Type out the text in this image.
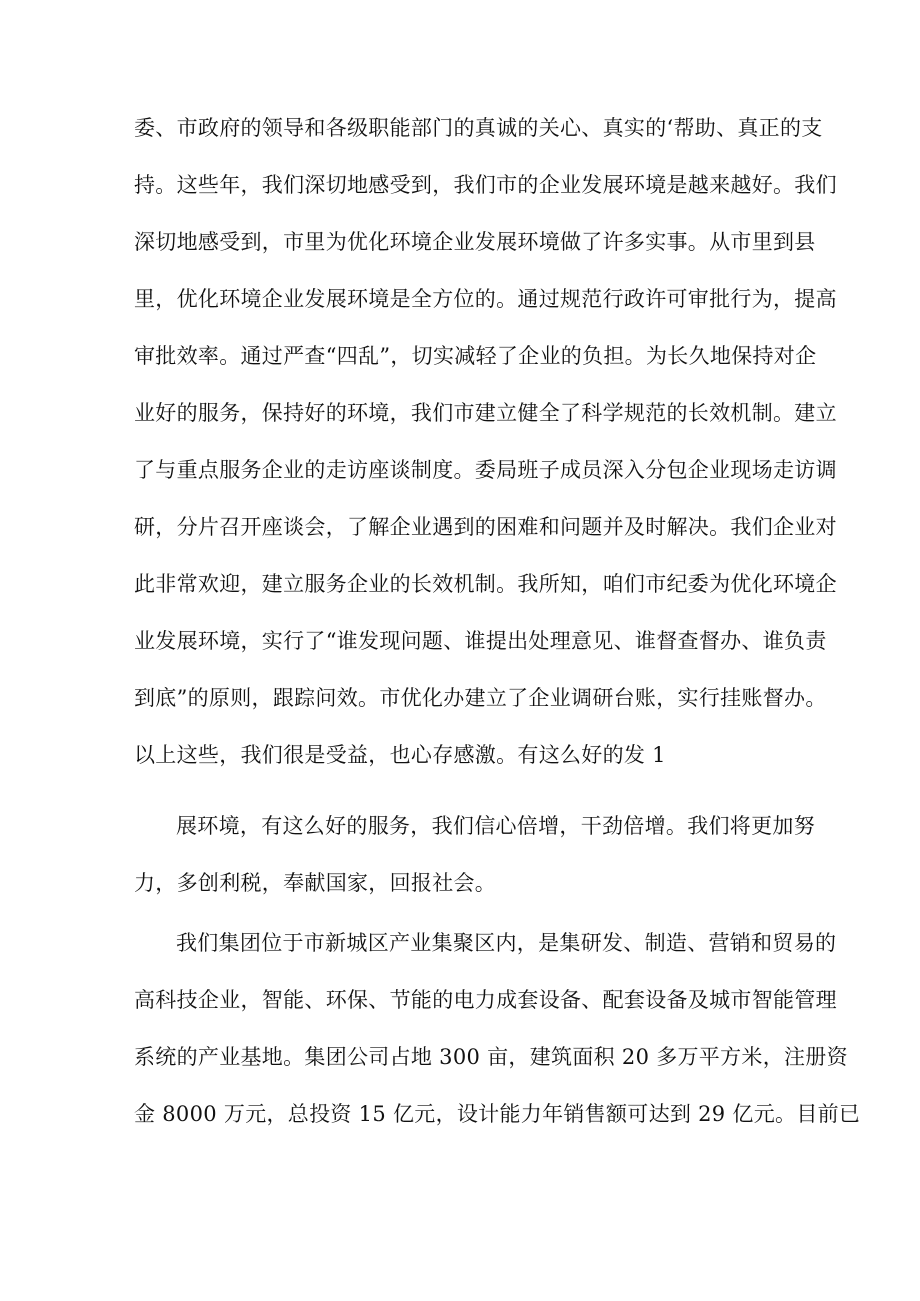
委、市政府的领导和各级职能部门的真诚的关心、真实的‘帮助、真正的支
持。这些年，我们深切地感受到，我们市的企业发展环境是越来越好。我们
深切地感受到，市里为优化环境企业发展环境做了许多实事。从市里到县
里，优化环境企业发展环境是全方位的。通过规范行政许可审批行为，提高
审批效率。通过严查“四乱”，切实减轻了企业的负担。为长久地保持对企
业好的服务，保持好的环境，我们市建立健全了科学规范的长效机制。建立
了与重点服务企业的走访座谈制度。委局班子成员深入分包企业现场走访调
研，分片召开座谈会，了解企业遇到的困难和问题并及时解决。我们企业对
此非常欢迎，建立服务企业的长效机制。我所知，咱们市纪委为优化环境企
业发展环境，实行了“谁发现问题、谁提出处理意见、谁督查督办、谁负责
到底”的原则，跟踪问效。市优化办建立了企业调研台账，实行挂账督办。
以上这些，我们很是受益，也心存感激。有这么好的发 1
展环境，有这么好的服务，我们信心倍增，干劲倍增。我们将更加努
力，多创利税，奉献国家，回报社会。
我们集团位于市新城区产业集聚区内，是集研发、制造、营销和贸易的
高科技企业，智能、环保、节能的电力成套设备、配套设备及城市智能管理
系统的产业基地。集团公司占地 300 亩，建筑面积 20 多万平方米，注册资
金 8000 万元，总投资 15 亿元，设计能力年销售额可达到 29 亿元。目前已
